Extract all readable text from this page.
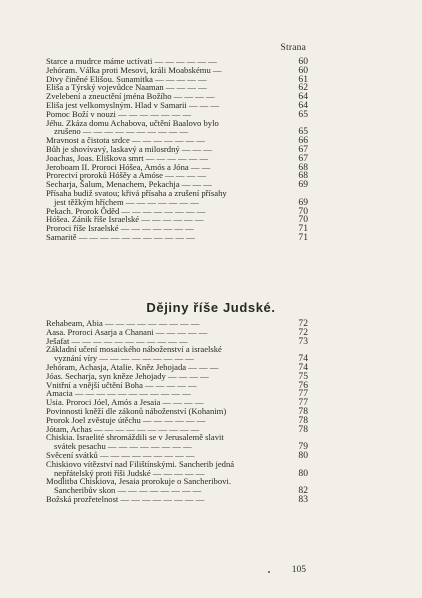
Strana
Starce a mudrce máme uctívati — — — — — —	60
Jehóram. Válka proti Mesovi, králi Moabskému —	60
Divy činěné Elišou. Sunamitka — — — — —	61
Eliša a Týrský vojevůdce Naaman — — — —	62
Zvelebení a zneuctění jména Božího — — — —	64
Eliša jest velkomyslným. Hlad v Samarii — — —	64
Pomoc Boží v nouzi — — — — — — —	65
Jéhu. Zkáza domu Achabova, učtění Baalovo bylo
zrušeno — — — — — — — — — —	65
Mravnost a čistota srdce — — — — — — —	66
Bůh je shovívavý, laskavý a milosrdný — — —	67
Joachas, Joas. Eliškova smrt — — — — — —	67
Jeroboam II. Proroci Hóšea, Amós a Jóna — —	68
Prorectví proroků Hóšěy a Amóse — — — —	68
Secharja, Šalum, Menachem, Pekachja — — —	69
Přísaha budiž svatou; křivá přísaha a zrušení přísahy
jest těžkým hříchem — — — — — — —	69
Pekach. Prorok Ôděd — — — — — — — —	70
Hóšea. Zánik říše Israelské — — — — — —	70
Proroci říše Israelské — — — — — — —	71
Samaritě — — — — — — — — — — —	71
Dějiny říše Judské.
Rehabeam, Abia — — — — — — — — —	72
Aasa. Proroci Asarja a Chanani — — — — —	72
Ješafat — — — — — — — — — — —	73
Základní učení mosaického náboženství a israelské
vyznání víry — — — — — — — — —	74
Jehóram, Achasja, Atalie. Kněz Jehojada — — —	74
Jóas. Secharja, syn kněze Jehojady — — — —	75
Vnitřní a vnější učtění Boha — — — — —	76
Amacia — — — — — — — — — — —	77
Usia. Proroci Jóel, Amós a Jesaia — — — —	77
Povinnosti kněží dle zákonů náboženství (Kohanim)	78
Prorok Joel zvěstuje útěchu — — — — — —	78
Jótam, Achas — — — — — — — — — —	78
Chiskia. Israelité shromáždili se v Jerusalemě slavit
svátek pesachu — — — — — — — —	79
Svěcení svátků — — — — — — — — —	80
Chiskiovo vítězství nad Filištínskými. Sancherib jedná
nepřátelský proti říši Judské — — — — —	80
Modlitba Chiskiova, Jesaia prorokuje o Sancheribovi.
Sancheribův skon — — — — — — — —	82
Božská prozřetelnost — — — — — — — —	83
105
